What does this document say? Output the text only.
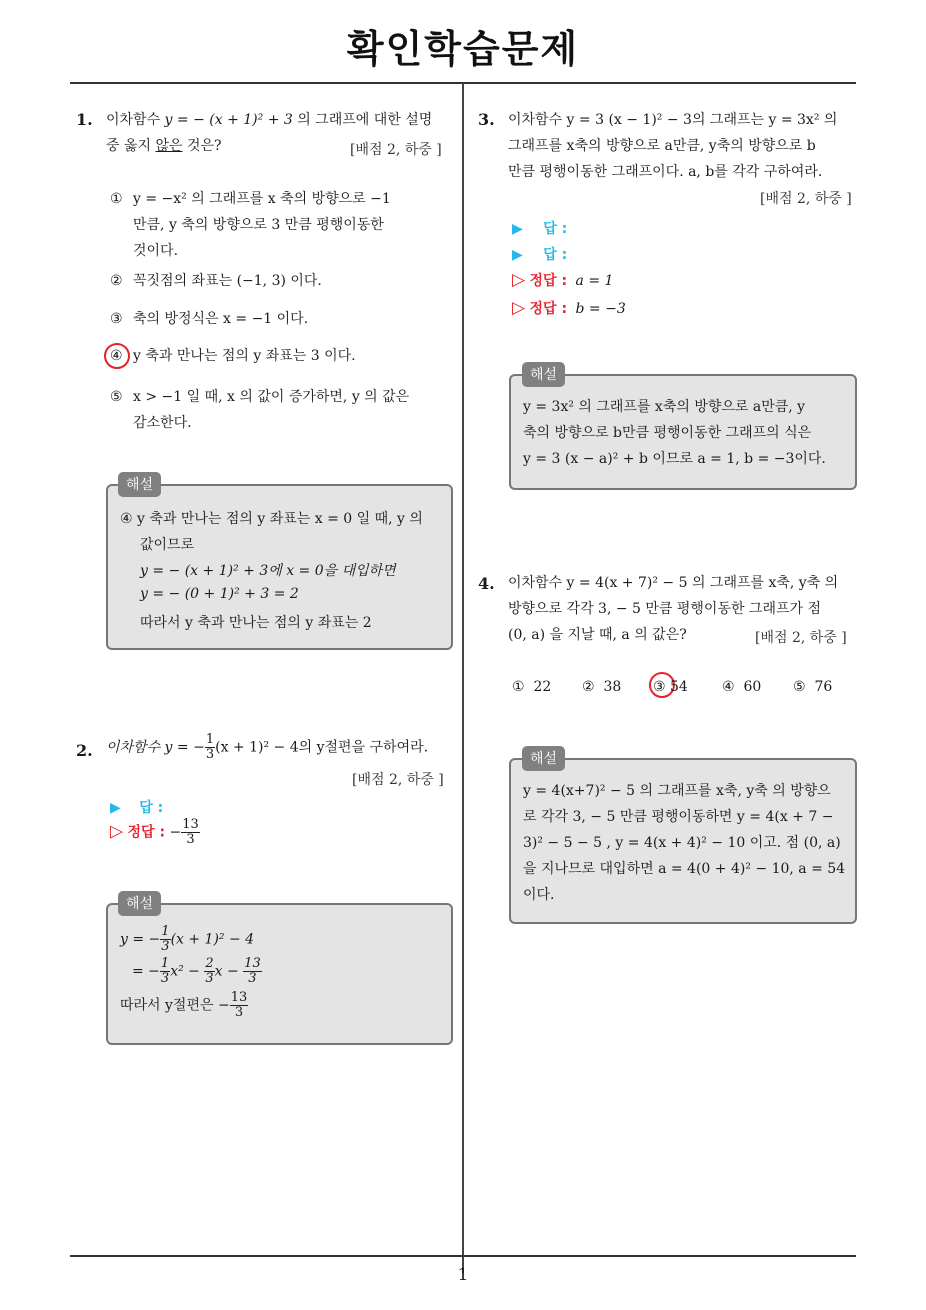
확인학습문제
1
1. 이차함수 y = − (x + 1)² + 3 의 그래프에 대한 설명
중 옳지 않은 것은?	[배점 2, 하중 ]
① y = −x² 의 그래프를 x 축의 방향으로 −1
만큼, y 축의 방향으로 3 만큼 평행이동한
것이다.
② 꼭짓점의 좌표는 (−1, 3) 이다.
③ 축의 방정식은 x = −1 이다.
④ y 축과 만나는 점의 y 좌표는 3 이다.
⑤ x > −1 일 때, x 의 값이 증가하면, y 의 값은
감소한다.
④ y 축과 만나는 점의 y 좌표는 x = 0 일 때, y 의
값이므로
y = − (x + 1)² + 3에 x = 0을 대입하면
y = − (0 + 1)² + 3 = 2
따라서 y 축과 만나는 점의 y 좌표는 2
해설
2. 이차함수 y = − $\frac{1}{3} (x + 1)^2 - 4$의 y절편을 구하여라.
[배점 2, 하중 ]
▶ 답 :
▷ 정답 : − $\frac{13}{3}$
y = − $\frac{1}{3} (x + 1)^2 - 4$
= − $\frac{1}{3} x^2 - \frac{2}{3}$ $x - \frac{13}{3}$
따라서 y절편은 − $\frac{13}{3}$
해설
3. 이차함수 y = 3 (x − 1)² − 3의 그래프는 y = 3x² 의
그래프를 x축의 방향으로 a만큼, y축의 방향으로 b
만큼 평행이동한 그래프이다. a, b를 각각 구하여라.
[배점 2, 하중 ]
▶ 답 :
▶ 답 :
▷ 정답 : a = 1
▷ 정답 : b = −3
y = 3x² 의 그래프를 x축의 방향으로 a만큼, y
축의 방향으로 b만큼 평행이동한 그래프의 식은
y = 3 (x − a)² + b 이므로 a = 1, b = −3이다.
해설
4. 이차함수 y = 4(x + 7)² − 5 의 그래프를 x축, y축 의
방향으로 각각 3, − 5 만큼 평행이동한 그래프가 점
(0, a) 을 지날 때, a 의 값은?	[배점 2, 하중 ]
① 22 ② 38 ③ 54 ④ 60 ⑤ 76
y = 4(x+7)² − 5 의 그래프를 x축, y축 의 방향으
로 각각 3, − 5 만큼 평행이동하면 y = 4(x + 7 −
3)² − 5 − 5 , y = 4(x + 4)² − 10 이고. 점 (0, a)
을 지나므로 대입하면 a = 4(0 + 4)² − 10, a = 54
이다.
해설
